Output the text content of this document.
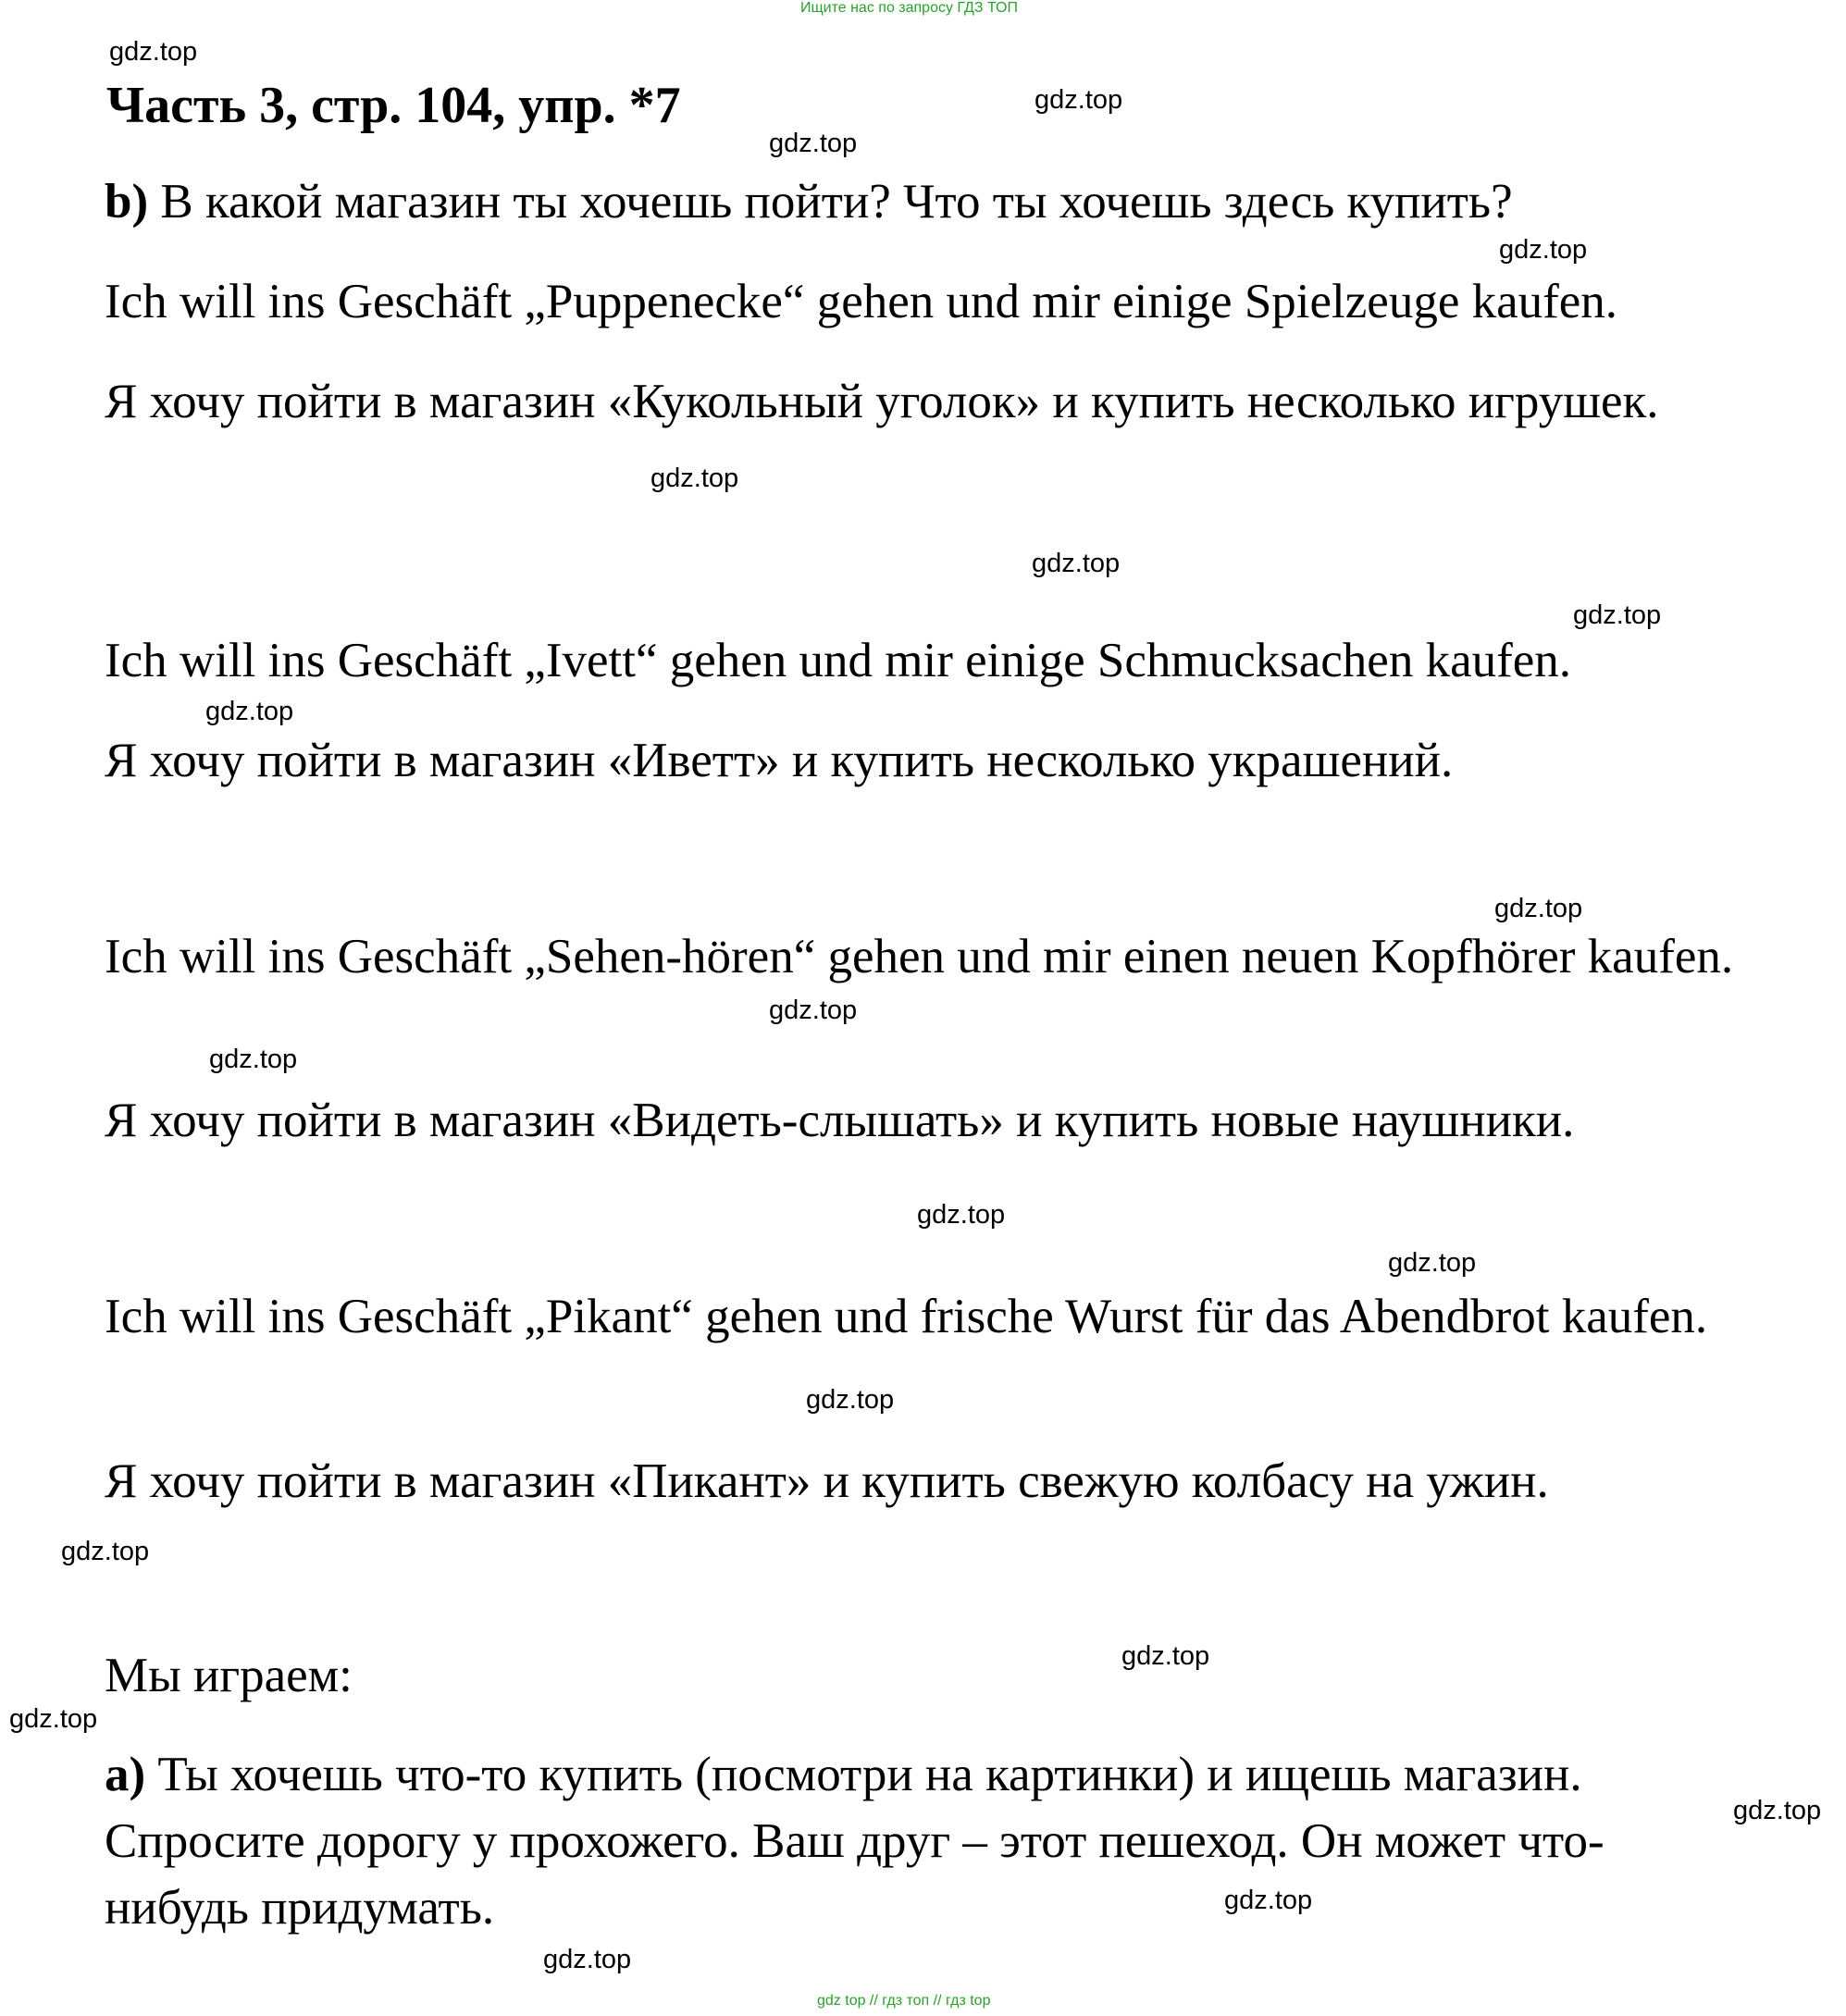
Ищите нас по запросу ГДЗ ТОП
Часть 3, стр. 104, упр. *7
b) В какой магазин ты хочешь пойти? Что ты хочешь здесь купить?
Ich will ins Geschäft „Puppenecke“ gehen und mir einige Spielzeuge kaufen.
Я хочу пойти в магазин «Кукольный уголок» и купить несколько игрушек.
Ich will ins Geschäft „Ivett“ gehen und mir einige Schmucksachen kaufen.
Я хочу пойти в магазин «Иветт» и купить несколько украшений.
Ich will ins Geschäft „Sehen-hören“ gehen und mir einen neuen Kopfhörer kaufen.
Я хочу пойти в магазин «Видеть-слышать» и купить новые наушники.
Ich will ins Geschäft „Pikant“ gehen und frische Wurst für das Abendbrot kaufen.
Я хочу пойти в магазин «Пикант» и купить свежую колбасу на ужин.
Мы играем:
a) Ты хочешь что-то купить (посмотри на картинки) и ищешь магазин. Спросите дорогу у прохожего. Ваш друг – этот пешеход. Он может что-нибудь придумать.
gdz.top
gdz.top
gdz.top
gdz.top
gdz.top
gdz.top
gdz.top
gdz.top
gdz.top
gdz.top
gdz.top
gdz.top
gdz.top
gdz.top
gdz.top
gdz.top
gdz.top
gdz.top
gdz.top
gdz.top
gdz top // гдз топ // гдз top
